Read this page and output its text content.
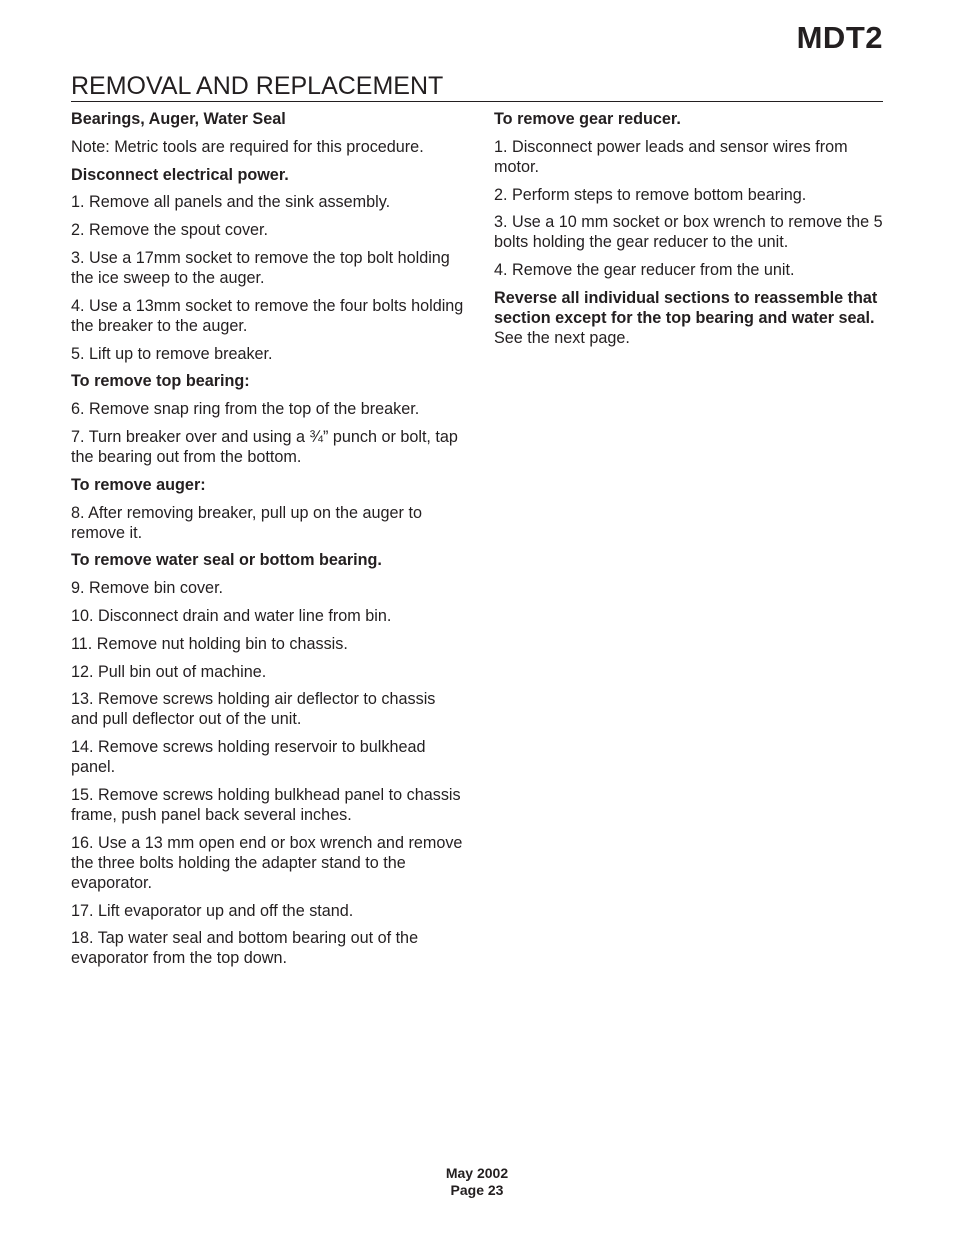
MDT2
REMOVAL AND REPLACEMENT

Bearings, Auger, Water Seal

Note: Metric tools are required for this procedure.

Disconnect electrical power.

1. Remove all panels and the sink assembly.

2. Remove the spout cover.

3. Use a 17mm socket to remove the top bolt holding the ice sweep to the auger.

4. Use a 13mm socket to remove the four bolts holding the breaker to the auger.

5. Lift up to remove breaker.

To remove top bearing:

6. Remove snap ring from the top of the breaker.

7. Turn breaker over and using a ¾” punch or bolt, tap the bearing out from the bottom.

To remove auger:

8. After removing breaker, pull up on the auger to remove it.

To remove water seal or bottom bearing.

9. Remove bin cover.

10. Disconnect drain and water line from bin.

11. Remove nut holding bin to chassis.

12. Pull bin out of machine.

13. Remove screws holding air deflector to chassis and pull deflector out of the unit.

14. Remove screws holding reservoir to bulkhead panel.

15. Remove screws holding bulkhead panel to chassis frame, push panel back several inches.

16. Use a 13 mm open end or box wrench and remove the three bolts holding the adapter stand to the evaporator.

17. Lift evaporator up and off the stand.

18. Tap water seal and bottom bearing out of the evaporator from the top down.

To remove gear reducer.

1. Disconnect power leads and sensor wires from motor.

2. Perform steps to remove bottom bearing.

3. Use a 10 mm socket or box wrench to remove the 5 bolts holding the gear reducer to the unit.

4. Remove the gear reducer from the unit.

Reverse all individual sections to reassemble that section except for the top bearing and water seal. See the next page.

May 2002
Page 23
